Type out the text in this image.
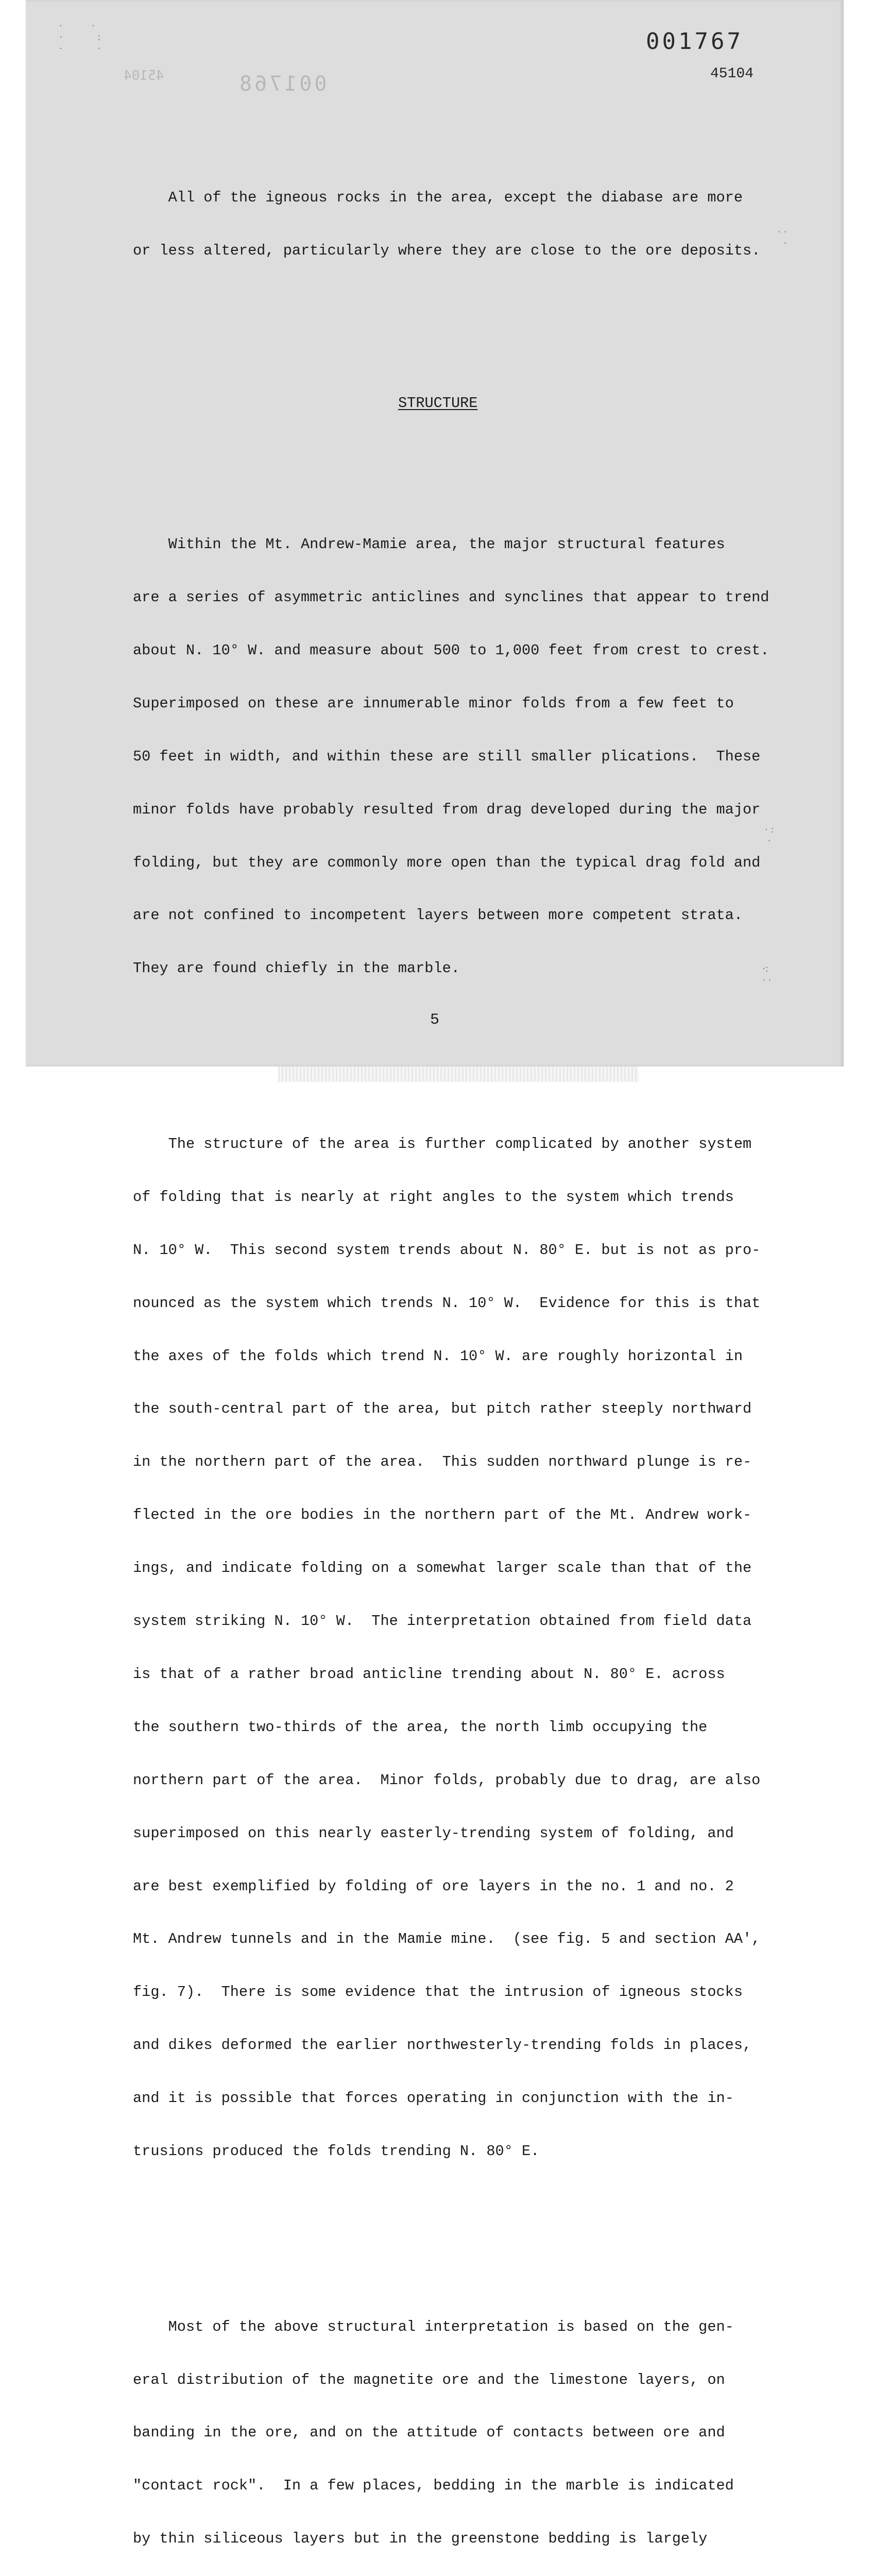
·          ·
·            :
·            ·
· ·
·
· :
·
·:
· ·

001768

45104

001767

45104

All of the igneous rocks in the area, except the diabase are more

or less altered, particularly where they are close to the ore deposits.

STRUCTURE

Within the Mt. Andrew-Mamie area, the major structural features

are a series of asymmetric anticlines and synclines that appear to trend

about N. 10° W. and measure about 500 to 1,000 feet from crest to crest.

Superimposed on these are innumerable minor folds from a few feet to

50 feet in width, and within these are still smaller plications.  These

minor folds have probably resulted from drag developed during the major

folding, but they are commonly more open than the typical drag fold and

are not confined to incompetent layers between more competent strata.

They are found chiefly in the marble.

The structure of the area is further complicated by another system

of folding that is nearly at right angles to the system which trends

N. 10° W.  This second system trends about N. 80° E. but is not as pro-

nounced as the system which trends N. 10° W.  Evidence for this is that

the axes of the folds which trend N. 10° W. are roughly horizontal in

the south-central part of the area, but pitch rather steeply northward

in the northern part of the area.  This sudden northward plunge is re-

flected in the ore bodies in the northern part of the Mt. Andrew work-

ings, and indicate folding on a somewhat larger scale than that of the

system striking N. 10° W.  The interpretation obtained from field data

is that of a rather broad anticline trending about N. 80° E. across

the southern two-thirds of the area, the north limb occupying the

northern part of the area.  Minor folds, probably due to drag, are also

superimposed on this nearly easterly-trending system of folding, and

are best exemplified by folding of ore layers in the no. 1 and no. 2

Mt. Andrew tunnels and in the Mamie mine.  (see fig. 5 and section AA',

fig. 7).  There is some evidence that the intrusion of igneous stocks

and dikes deformed the earlier northwesterly-trending folds in places,

and it is possible that forces operating in conjunction with the in-

trusions produced the folds trending N. 80° E.

Most of the above structural interpretation is based on the gen-

eral distribution of the magnetite ore and the limestone layers, on

banding in the ore, and on the attitude of contacts between ore and

"contact rock".  In a few places, bedding in the marble is indicated

by thin siliceous layers but in the greenstone bedding is largely

5
